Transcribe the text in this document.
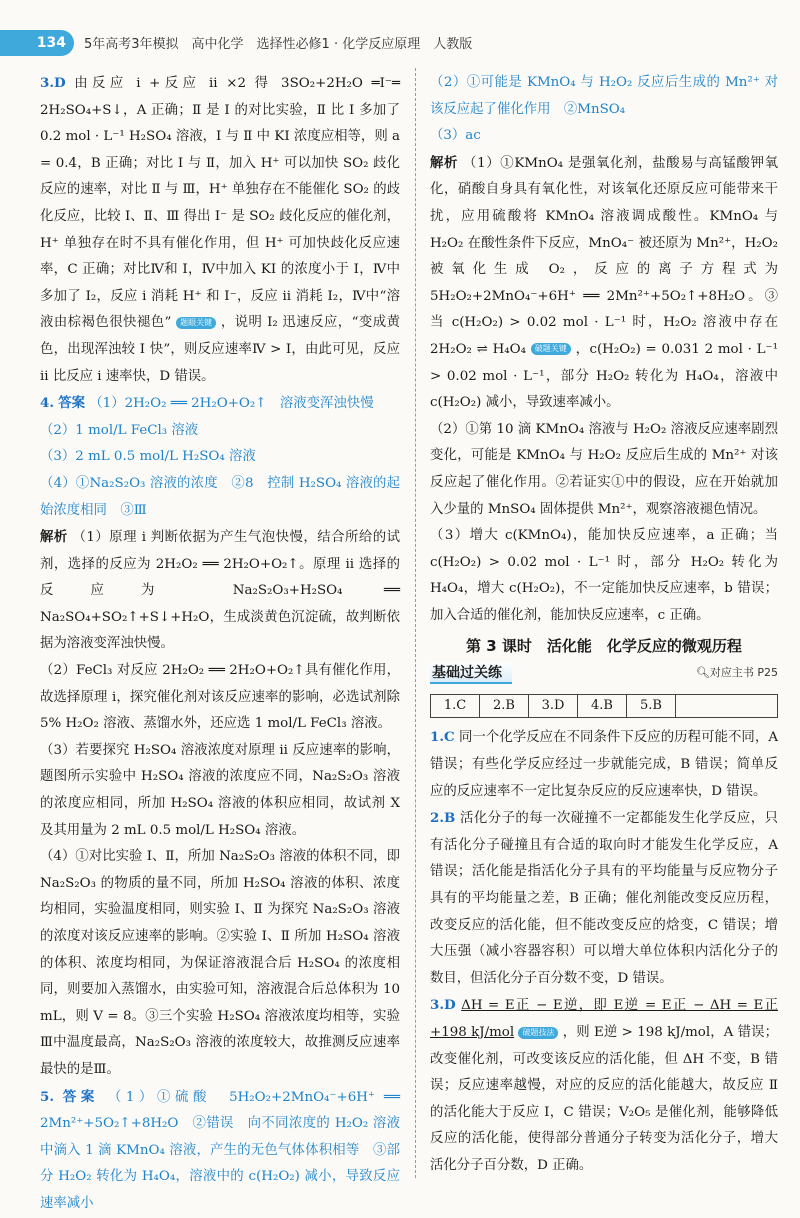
134	5年高考3年模拟　高中化学　选择性必修1 · 化学反应原理　人教版

3.D 由反应 i +反应 ii ×2 得 3SO₂+2H₂O ═I⁻═ 2H₂SO₄+S↓，A 正确；Ⅱ 是 Ⅰ 的对比实验，Ⅱ 比 Ⅰ 多加了 0.2 mol · L⁻¹ H₂SO₄ 溶液，Ⅰ 与 Ⅱ 中 KI 浓度应相等，则 a = 0.4，B 正确；对比 Ⅰ 与 Ⅱ，加入 H⁺ 可以加快 SO₂ 歧化反应的速率，对比 Ⅱ 与 Ⅲ，H⁺ 单独存在不能催化 SO₂ 的歧化反应，比较 Ⅰ、Ⅱ、Ⅲ 得出 I⁻ 是 SO₂ 歧化反应的催化剂，H⁺ 单独存在时不具有催化作用，但 H⁺ 可加快歧化反应速率，C 正确；对比Ⅳ和 Ⅰ，Ⅳ中加入 KI 的浓度小于 Ⅰ，Ⅳ中多加了 I₂，反应 i 消耗 H⁺ 和 I⁻，反应 ii 消耗 I₂，Ⅳ中“溶液由棕褐色很快褪色” 题眼关键 ，说明 I₂ 迅速反应，“变成黄色，出现浑浊较 Ⅰ 快”，则反应速率Ⅳ > Ⅰ，由此可见，反应 ii 比反应 i 速率快，D 错误。

4. 答案 （1）2H₂O₂ ══ 2H₂O+O₂↑　溶液变浑浊快慢

（2）1 mol/L FeCl₃ 溶液

（3）2 mL 0.5 mol/L H₂SO₄ 溶液

（4）①Na₂S₂O₃ 溶液的浓度　②8　控制 H₂SO₄ 溶液的起始浓度相同　③Ⅲ

解析 （1）原理 i 判断依据为产生气泡快慢，结合所给的试剂，选择的反应为 2H₂O₂ ══ 2H₂O+O₂↑。原理 ii 选择的反应为 Na₂S₂O₃+H₂SO₄ ══ Na₂SO₄+SO₂↑+S↓+H₂O，生成淡黄色沉淀硫，故判断依据为溶液变浑浊快慢。

（2）FeCl₃ 对反应 2H₂O₂ ══ 2H₂O+O₂↑具有催化作用，故选择原理 i，探究催化剂对该反应速率的影响，必选试剂除 5% H₂O₂ 溶液、蒸馏水外，还应选 1 mol/L FeCl₃ 溶液。

（3）若要探究 H₂SO₄ 溶液浓度对原理 ii 反应速率的影响，题图所示实验中 H₂SO₄ 溶液的浓度应不同，Na₂S₂O₃ 溶液的浓度应相同，所加 H₂SO₄ 溶液的体积应相同，故试剂 X 及其用量为 2 mL 0.5 mol/L H₂SO₄ 溶液。

（4）①对比实验 Ⅰ、Ⅱ，所加 Na₂S₂O₃ 溶液的体积不同，即 Na₂S₂O₃ 的物质的量不同，所加 H₂SO₄ 溶液的体积、浓度均相同，实验温度相同，则实验 Ⅰ、Ⅱ 为探究 Na₂S₂O₃ 溶液的浓度对该反应速率的影响。②实验 Ⅰ、Ⅱ 所加 H₂SO₄ 溶液的体积、浓度均相同，为保证溶液混合后 H₂SO₄ 的浓度相同，则要加入蒸馏水，由实验可知，溶液混合后总体积为 10 mL，则 V = 8。③三个实验 H₂SO₄ 溶液浓度均相等，实验Ⅲ中温度最高，Na₂S₂O₃ 溶液的浓度较大，故推测反应速率最快的是Ⅲ。

5. 答案 （1）①硫酸　5H₂O₂+2MnO₄⁻+6H⁺ ══ 2Mn²⁺+5O₂↑+8H₂O　②错误　向不同浓度的 H₂O₂ 溶液中滴入 1 滴 KMnO₄ 溶液，产生的无色气体体积相等　③部分 H₂O₂ 转化为 H₄O₄，溶液中的 c(H₂O₂) 减小，导致反应速率减小

（2）①可能是 KMnO₄ 与 H₂O₂ 反应后生成的 Mn²⁺ 对该反应起了催化作用　②MnSO₄

（3）ac

解析 （1）①KMnO₄ 是强氧化剂，盐酸易与高锰酸钾氧化，硝酸自身具有氧化性，对该氧化还原反应可能带来干扰，应用硫酸将 KMnO₄ 溶液调成酸性。KMnO₄ 与 H₂O₂ 在酸性条件下反应，MnO₄⁻ 被还原为 Mn²⁺，H₂O₂ 被氧化生成 O₂，反应的离子方程式为 5H₂O₂+2MnO₄⁻+6H⁺ ══ 2Mn²⁺+5O₂↑+8H₂O。③当 c(H₂O₂) > 0.02 mol · L⁻¹ 时，H₂O₂ 溶液中存在 2H₂O₂ ⇌ H₄O₄ 破题关键 ，c(H₂O₂) = 0.031 2 mol · L⁻¹ > 0.02 mol · L⁻¹，部分 H₂O₂ 转化为 H₄O₄，溶液中 c(H₂O₂) 减小，导致速率减小。

（2）①第 10 滴 KMnO₄ 溶液与 H₂O₂ 溶液反应速率剧烈变化，可能是 KMnO₄ 与 H₂O₂ 反应后生成的 Mn²⁺ 对该反应起了催化作用。②若证实①中的假设，应在开始就加入少量的 MnSO₄ 固体提供 Mn²⁺，观察溶液褪色情况。

（3）增大 c(KMnO₄)，能加快反应速率，a 正确；当 c(H₂O₂) > 0.02 mol · L⁻¹ 时，部分 H₂O₂ 转化为 H₄O₄，增大 c(H₂O₂)，不一定能加快反应速率，b 错误；加入合适的催化剂，能加快反应速率，c 正确。

第 3 课时　活化能　化学反应的微观历程
基础过关练	🔍︎对应主书 P25
1.C	2.B	3.D	4.B	5.B

1.C 同一个化学反应在不同条件下反应的历程可能不同，A 错误；有些化学反应经过一步就能完成，B 错误；简单反应的反应速率不一定比复杂反应的反应速率快，D 错误。

2.B 活化分子的每一次碰撞不一定都能发生化学反应，只有活化分子碰撞且有合适的取向时才能发生化学反应，A 错误；活化能是指活化分子具有的平均能量与反应物分子具有的平均能量之差，B 正确；催化剂能改变反应历程，改变反应的活化能，但不能改变反应的焓变，C 错误；增大压强（减小容器容积）可以增大单位体积内活化分子的数目，但活化分子百分数不变，D 错误。

3.D ΔH = E正 − E逆，即 E逆 = E正 − ΔH = E正 +198 kJ/mol 破题技法 ，则 E逆 > 198 kJ/mol，A 错误；改变催化剂，可改变该反应的活化能，但 ΔH 不变，B 错误；反应速率越慢，对应的反应的活化能越大，故反应 Ⅱ 的活化能大于反应 Ⅰ，C 错误；V₂O₅ 是催化剂，能够降低反应的活化能，使得部分普通分子转变为活化分子，增大活化分子百分数，D 正确。
